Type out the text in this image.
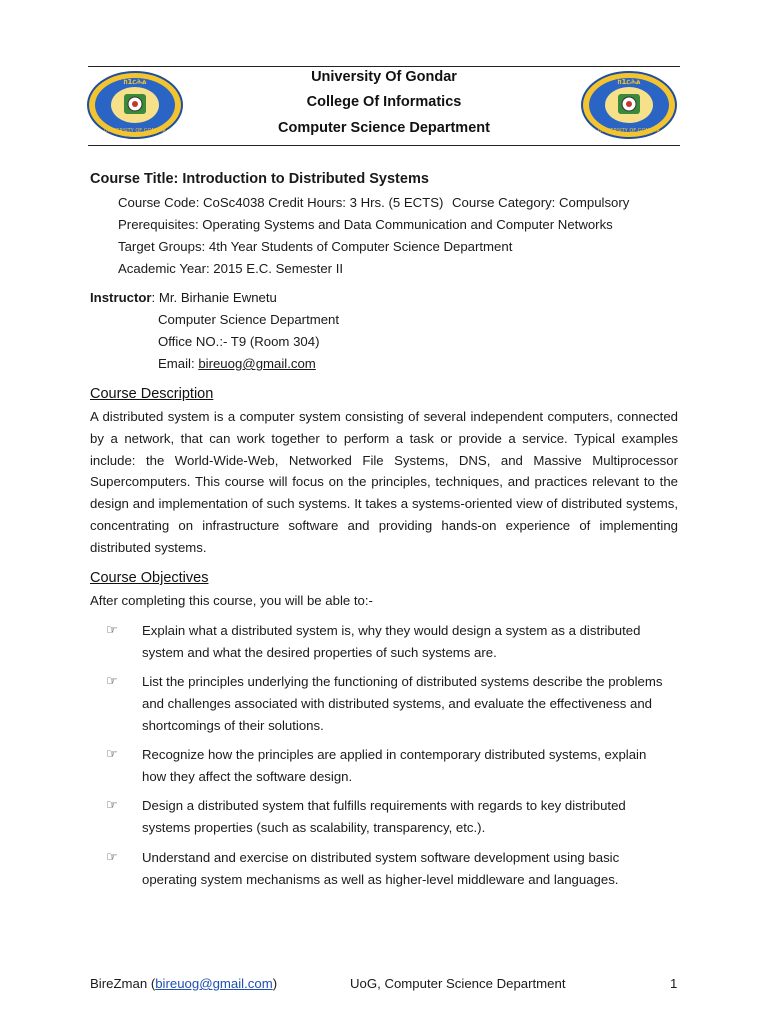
ከ1ርሕል
UNIVERSITY OF GONDAR
ከ1ርሕል
UNIVERSITY OF GONDAR
University Of Gondar
College Of Informatics
Computer Science Department
Course Title: Introduction to Distributed Systems
Course Code: CoSc4038 Credit Hours: 3 Hrs. (5 ECTS) Course Category: Compulsory
Prerequisites: Operating Systems and Data Communication and Computer Networks
Target Groups: 4th Year Students of Computer Science Department
Academic Year: 2015 E.C. Semester II
Instructor: Mr. Birhanie Ewnetu
Computer Science Department
Office NO.:- T9 (Room 304)
Email: bireuog@gmail.com
Course Description
A distributed system is a computer system consisting of several independent computers, connected by a network, that can work together to perform a task or provide a service. Typical examples include: the World-Wide-Web, Networked File Systems, DNS, and Massive Multiprocessor Supercomputers. This course will focus on the principles, techniques, and practices relevant to the design and implementation of such systems. It takes a systems-oriented view of distributed systems, concentrating on infrastructure software and providing hands-on experience of implementing distributed systems.
Course Objectives
After completing this course, you will be able to:-
☞ Explain what a distributed system is, why they would design a system as a distributed system and what the desired properties of such systems are.
☞ List the principles underlying the functioning of distributed systems describe the problems and challenges associated with distributed systems, and evaluate the effectiveness and shortcomings of their solutions.
☞ Recognize how the principles are applied in contemporary distributed systems, explain how they affect the software design.
☞ Design a distributed system that fulfills requirements with regards to key distributed systems properties (such as scalability, transparency, etc.).
☞ Understand and exercise on distributed system software development using basic operating system mechanisms as well as higher-level middleware and languages.
BireZman (bireuog@gmail.com)	UoG, Computer Science Department	1
